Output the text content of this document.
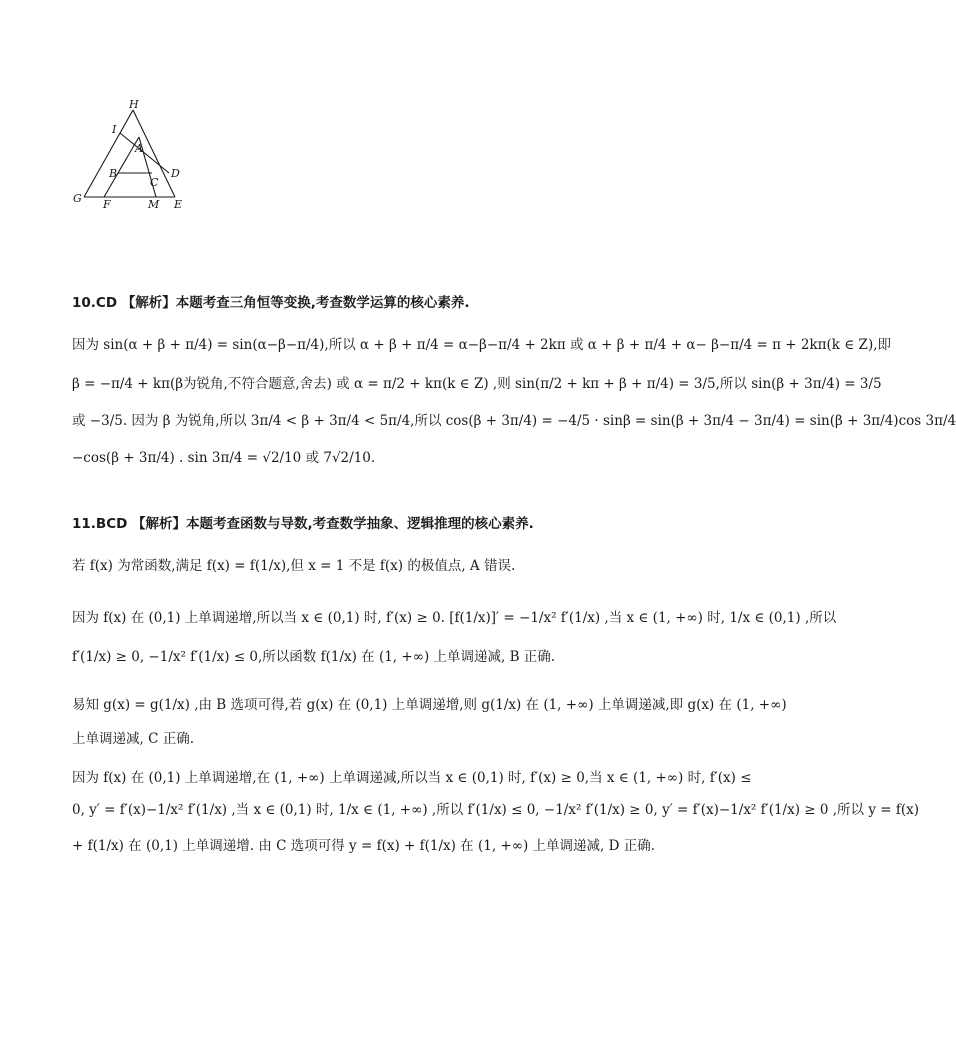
H
I
A
B
C
D
G F	M E
10.CD 【解析】本题考查三角恒等变换,考查数学运算的核心素养.
因为 sin(α + β + π/4) = sin(α−β−π/4),所以 α + β + π/4 = α−β−π/4 + 2kπ 或 α + β + π/4 + α− β−π/4 = π + 2kπ(k ∈ Z),即
β = −π/4 + kπ(β为锐角,不符合题意,舍去) 或 α = π/2 + kπ(k ∈ Z) ,则 sin(π/2 + kπ + β + π/4) = 3/5,所以 sin(β + 3π/4) = 3/5
或 −3/5. 因为 β 为锐角,所以 3π/4 < β + 3π/4 < 5π/4,所以 cos(β + 3π/4) = −4/5 · sinβ = sin(β + 3π/4 − 3π/4) = sin(β + 3π/4)cos 3π/4
−cos(β + 3π/4) . sin 3π/4 = √2/10 或 7√2/10.
11.BCD 【解析】本题考查函数与导数,考查数学抽象、逻辑推理的核心素养.
若 f(x) 为常函数,满足 f(x) = f(1/x),但 x = 1 不是 f(x) 的极值点, A 错误.
因为 f(x) 在 (0,1) 上单调递增,所以当 x ∈ (0,1) 时, f′(x) ≥ 0. [f(1/x)]′ = −1/x² f′(1/x) ,当 x ∈ (1, +∞) 时, 1/x ∈ (0,1) ,所以
f′(1/x) ≥ 0, −1/x² f′(1/x) ≤ 0,所以函数 f(1/x) 在 (1, +∞) 上单调递减, B 正确.
易知 g(x) = g(1/x) ,由 B 选项可得,若 g(x) 在 (0,1) 上单调递增,则 g(1/x) 在 (1, +∞) 上单调递减,即 g(x) 在 (1, +∞)
上单调递减, C 正确.
因为 f(x) 在 (0,1) 上单调递增,在 (1, +∞) 上单调递减,所以当 x ∈ (0,1) 时, f′(x) ≥ 0,当 x ∈ (1, +∞) 时, f′(x) ≤
0, y′ = f′(x)−1/x² f′(1/x) ,当 x ∈ (0,1) 时, 1/x ∈ (1, +∞) ,所以 f′(1/x) ≤ 0, −1/x² f′(1/x) ≥ 0, y′ = f′(x)−1/x² f′(1/x) ≥ 0 ,所以 y = f(x)
+ f(1/x) 在 (0,1) 上单调递增. 由 C 选项可得 y = f(x) + f(1/x) 在 (1, +∞) 上单调递减, D 正确.
